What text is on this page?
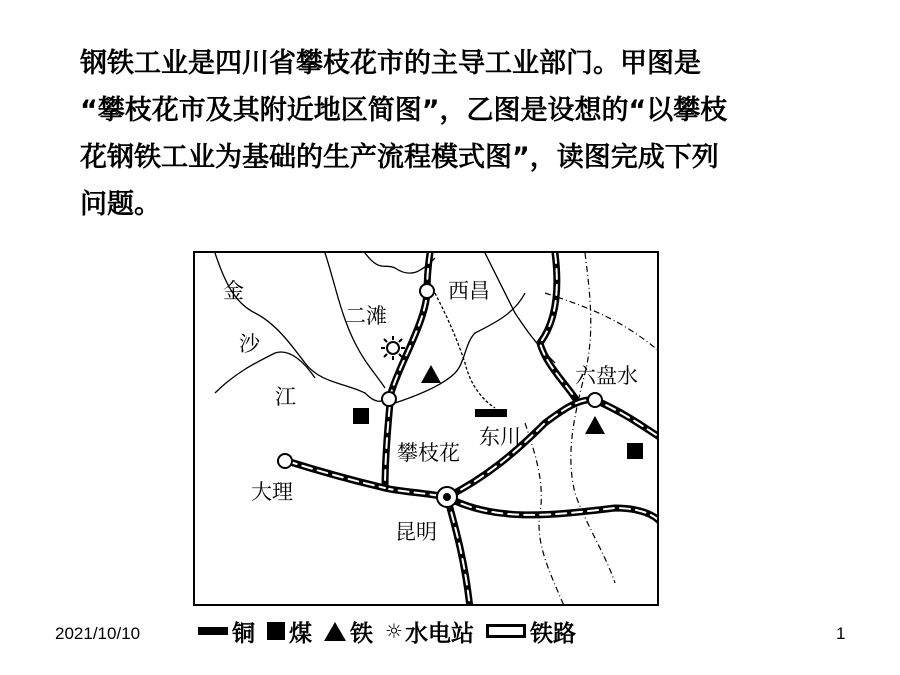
钢铁工业是四川省攀枝花市的主导工业部门。甲图是

“攀枝花市及其附近地区简图”，乙图是设想的“以攀枝

花钢铁工业为基础的生产流程模式图”，读图完成下列

问题。

金
沙
江
二滩
西昌
六盘水
东川
攀枝花
大理
昆明
铜 煤 铁 ☼ 水电站 铁路
2021/10/10	1
